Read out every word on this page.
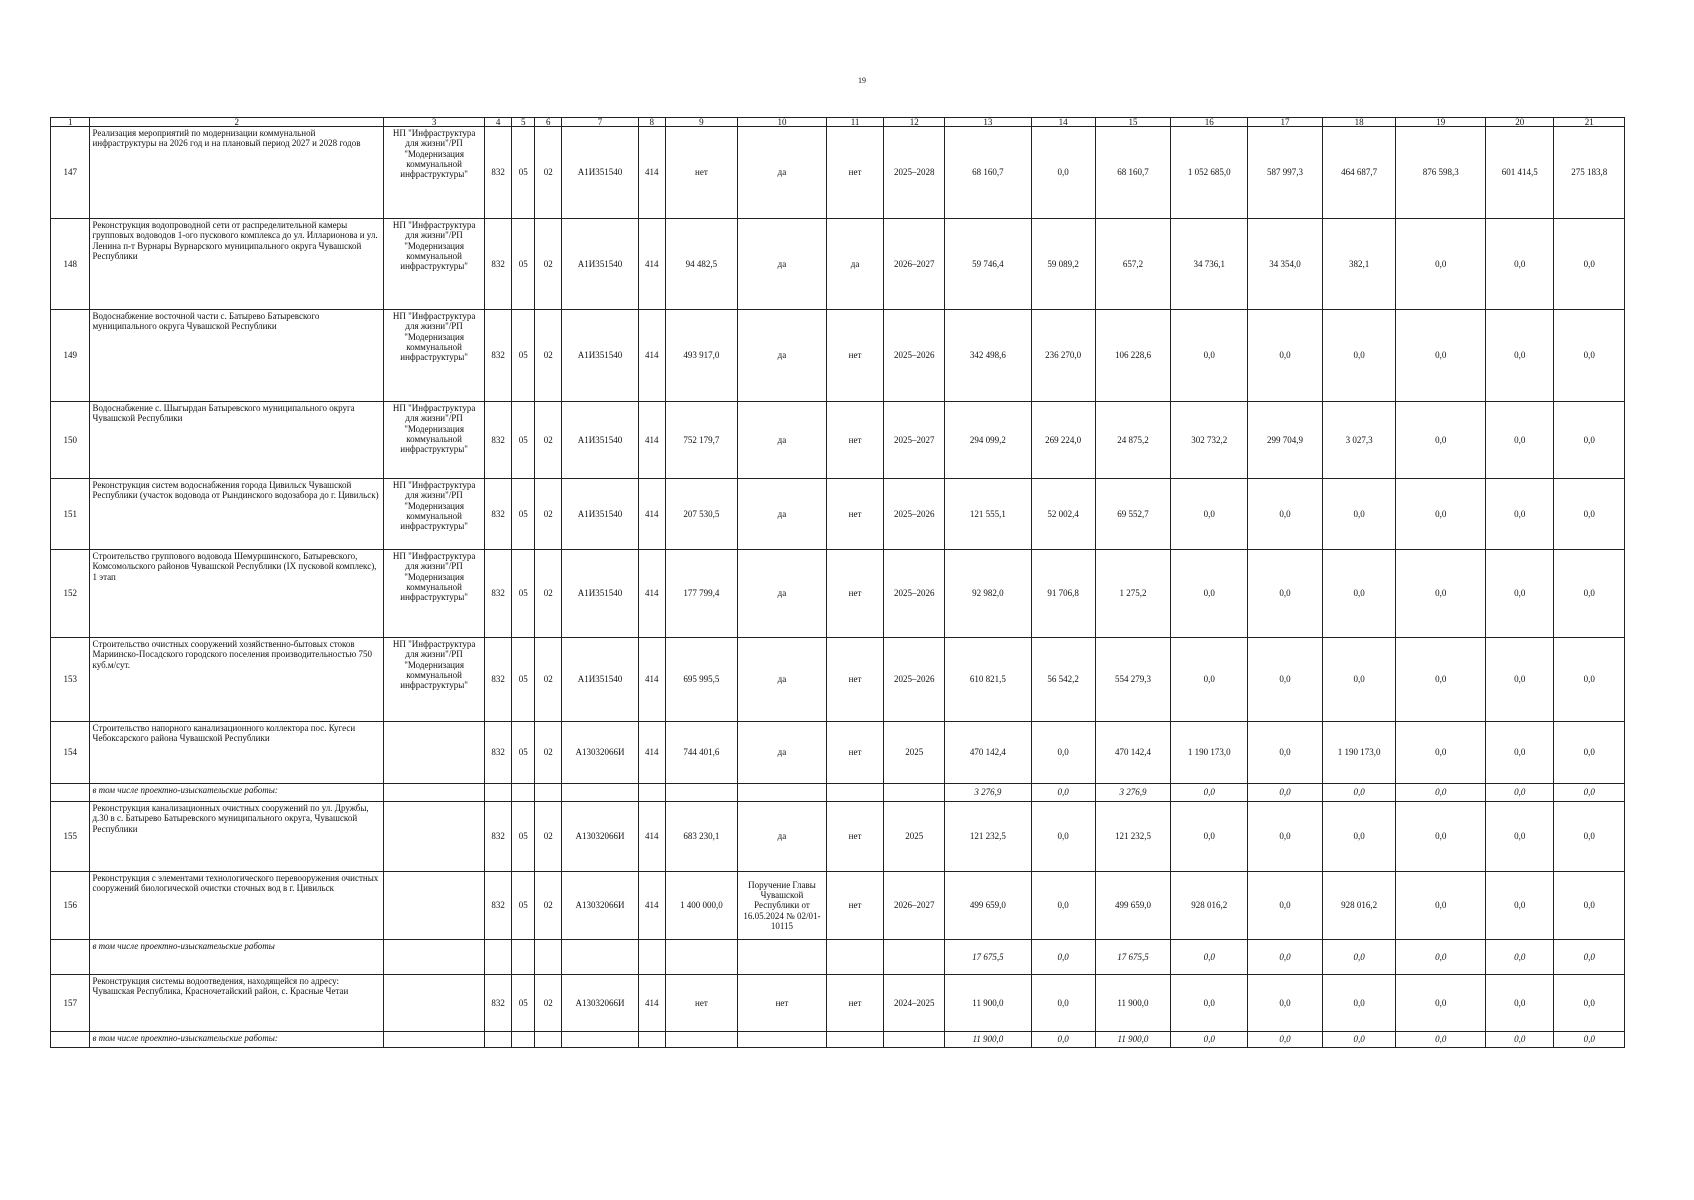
19
1	2	3	4	5	6	7	8	9	10	11	12	13	14	15	16	17	18	19	20	21
147	Реализация мероприятий по модернизации коммунальной инфраструктуры на 2026 год и на плановый период 2027 и 2028 годов	НП "Инфраструктура для жизни"/РП "Модернизация коммунальной инфраструктуры"	832	05	02	А1И351540	414	нет	да	нет	2025–2028	68 160,7	0,0	68 160,7	1 052 685,0	587 997,3	464 687,7	876 598,3	601 414,5	275 183,8
148	Реконструкция водопроводной сети от распределительной камеры групповых водоводов 1-ого пускового комплекса до ул. Илларионова и ул. Ленина п-т Вурнары Вурнарского муниципального округа Чувашской Республики	НП "Инфраструктура для жизни"/РП "Модернизация коммунальной инфраструктуры"	832	05	02	А1И351540	414	94 482,5	да	да	2026–2027	59 746,4	59 089,2	657,2	34 736,1	34 354,0	382,1	0,0	0,0	0,0
149	Водоснабжение восточной части с. Батырево Батыревского муниципального округа Чувашской Республики	НП "Инфраструктура для жизни"/РП "Модернизация коммунальной инфраструктуры"	832	05	02	А1И351540	414	493 917,0	да	нет	2025–2026	342 498,6	236 270,0	106 228,6	0,0	0,0	0,0	0,0	0,0	0,0
150	Водоснабжение с. Шыгырдан Батыревского муниципального округа Чувашской Республики	НП "Инфраструктура для жизни"/РП "Модернизация коммунальной инфраструктуры"	832	05	02	А1И351540	414	752 179,7	да	нет	2025–2027	294 099,2	269 224,0	24 875,2	302 732,2	299 704,9	3 027,3	0,0	0,0	0,0
151	Реконструкция систем водоснабжения города Цивильск Чувашской Республики (участок водовода от Рындинского водозабора до г. Цивильск)	НП "Инфраструктура для жизни"/РП "Модернизация коммунальной инфраструктуры"	832	05	02	А1И351540	414	207 530,5	да	нет	2025–2026	121 555,1	52 002,4	69 552,7	0,0	0,0	0,0	0,0	0,0	0,0
152	Строительство группового водовода Шемуршинского, Батыревского, Комсомольского районов Чувашской Республики (IX пусковой комплекс), 1 этап	НП "Инфраструктура для жизни"/РП "Модернизация коммунальной инфраструктуры"	832	05	02	А1И351540	414	177 799,4	да	нет	2025–2026	92 982,0	91 706,8	1 275,2	0,0	0,0	0,0	0,0	0,0	0,0
153	Строительство очистных сооружений хозяйственно-бытовых стоков Мариинско-Посадского городского поселения производительностью 750 куб.м/сут.	НП "Инфраструктура для жизни"/РП "Модернизация коммунальной инфраструктуры"	832	05	02	А1И351540	414	695 995,5	да	нет	2025–2026	610 821,5	56 542,2	554 279,3	0,0	0,0	0,0	0,0	0,0	0,0
154	Строительство напорного канализационного коллектора пос. Кугеси Чебоксарского района Чувашской Республики		832	05	02	А13032066И	414	744 401,6	да	нет	2025	470 142,4	0,0	470 142,4	1 190 173,0	0,0	1 190 173,0	0,0	0,0	0,0
	в том числе проектно-изыскательские работы:											3 276,9	0,0	3 276,9	0,0	0,0	0,0	0,0	0,0	0,0
155	Реконструкция канализационных очистных сооружений по ул. Дружбы, д.30 в с. Батырево Батыревского муниципального округа, Чувашской Республики		832	05	02	А13032066И	414	683 230,1	да	нет	2025	121 232,5	0,0	121 232,5	0,0	0,0	0,0	0,0	0,0	0,0
156	Реконструкция с элементами технологического перевооружения очистных сооружений биологической очистки сточных вод в г. Цивильск		832	05	02	А13032066И	414	1 400 000,0	Поручение Главы Чувашской Республики от 16.05.2024 № 02/01-10115	нет	2026–2027	499 659,0	0,0	499 659,0	928 016,2	0,0	928 016,2	0,0	0,0	0,0
	в том числе проектно-изыскательские работы											17 675,5	0,0	17 675,5	0,0	0,0	0,0	0,0	0,0	0,0
157	Реконструкция системы водоотведения, находящейся по адресу: Чувашская Республика, Красночетайский район, с. Красные Четаи		832	05	02	А13032066И	414	нет	нет	нет	2024–2025	11 900,0	0,0	11 900,0	0,0	0,0	0,0	0,0	0,0	0,0
	в том числе проектно-изыскательские работы:											11 900,0	0,0	11 900,0	0,0	0,0	0,0	0,0	0,0	0,0
